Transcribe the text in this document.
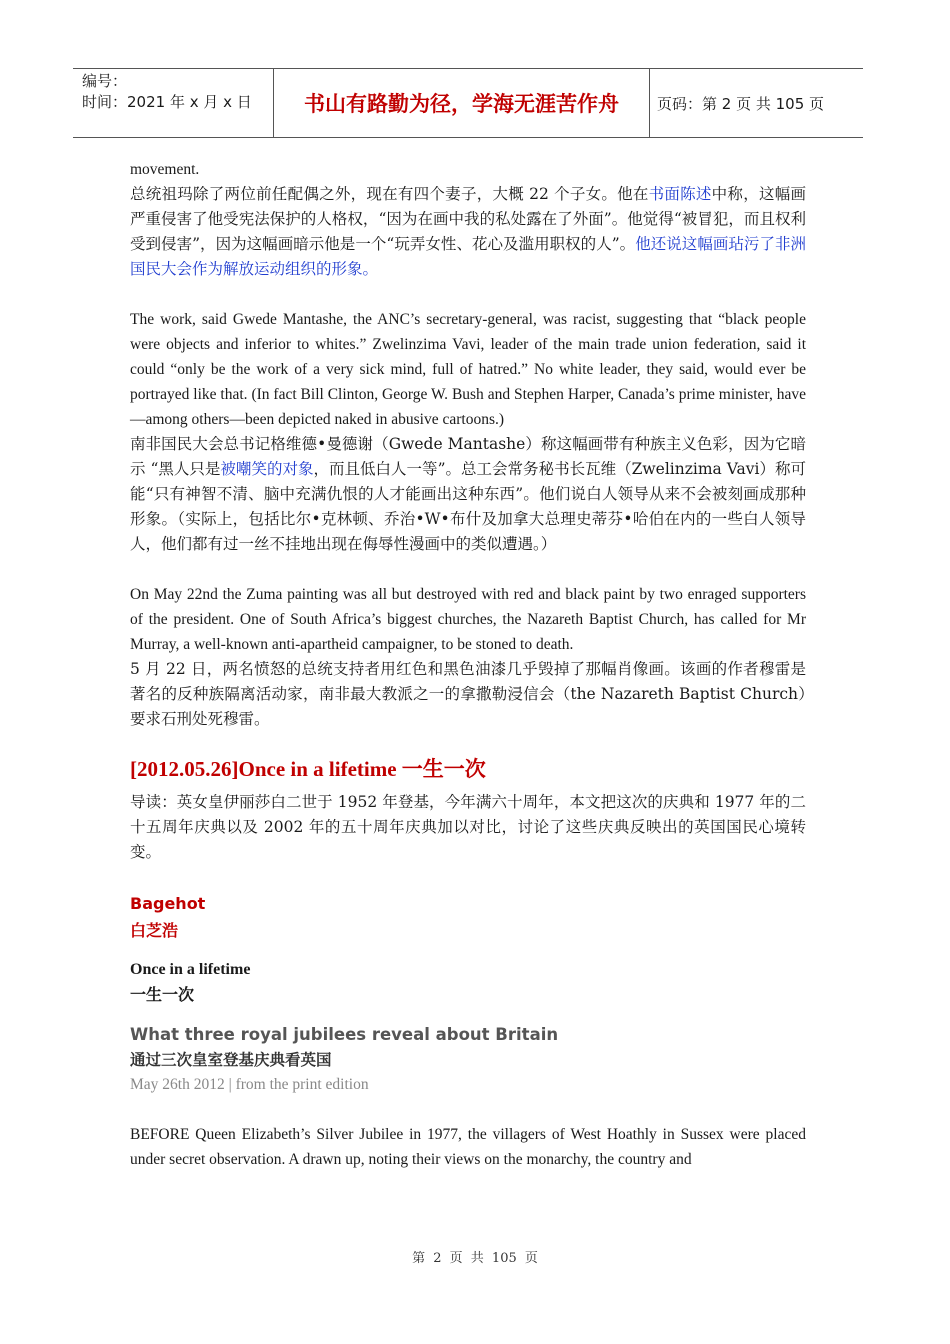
编号：
时间：2021 年 x 月 x 日	书山有路勤为径，学海无涯苦作舟	页码：第 2 页 共 105 页

movement.

总统祖玛除了两位前任配偶之外，现在有四个妻子，大概 22 个子女。他在书面陈述中称，这幅画严重侵害了他受宪法保护的人格权，“因为在画中我的私处露在了外面”。他觉得“被冒犯，而且权利受到侵害”，因为这幅画暗示他是一个“玩弄女性、花心及滥用职权的人”。他还说这幅画玷污了非洲国民大会作为解放运动组织的形象。

The work, said Gwede Mantashe, the ANC’s secretary-general, was racist, suggesting that “black people were objects and inferior to whites.” Zwelinzima Vavi, leader of the main trade union federation, said it could “only be the work of a very sick mind, full of hatred.” No white leader, they said, would ever be portrayed like that. (In fact Bill Clinton, George W. Bush and Stephen Harper, Canada’s prime minister, have—among others—been depicted naked in abusive cartoons.)

南非国民大会总书记格维德•曼德谢（Gwede Mantashe）称这幅画带有种族主义色彩，因为它暗示 “黑人只是被嘲笑的对象，而且低白人一等”。总工会常务秘书长瓦维（Zwelinzima Vavi）称可能“只有神智不清、脑中充满仇恨的人才能画出这种东西”。他们说白人领导从来不会被刻画成那种形象。（实际上，包括比尔•克林顿、乔治•W•布什及加拿大总理史蒂芬•哈伯在内的一些白人领导人，他们都有过一丝不挂地出现在侮辱性漫画中的类似遭遇。）

On May 22nd the Zuma painting was all but destroyed with red and black paint by two enraged supporters of the president. One of South Africa’s biggest churches, the Nazareth Baptist Church, has called for Mr Murray, a well-known anti-apartheid campaigner, to be stoned to death.

5 月 22 日，两名愤怒的总统支持者用红色和黑色油漆几乎毁掉了那幅肖像画。该画的作者穆雷是著名的反种族隔离活动家，南非最大教派之一的拿撒勒浸信会（the Nazareth Baptist Church）要求石刑处死穆雷。

[2012.05.26]Once in a lifetime 一生一次

导读：英女皇伊丽莎白二世于 1952 年登基，今年满六十周年，本文把这次的庆典和 1977 年的二十五周年庆典以及 2002 年的五十周年庆典加以对比，讨论了这些庆典反映出的英国国民心境转变。

Bagehot
白芝浩
Once in a lifetime
一生一次
What three royal jubilees reveal about Britain
通过三次皇室登基庆典看英国
May 26th 2012 | from the print edition

BEFORE Queen Elizabeth’s Silver Jubilee in 1977, the villagers of West Hoathly in Sussex were placed under secret observation. A drawn up, noting their views on the monarchy, the country and

第 2 页 共 105 页
